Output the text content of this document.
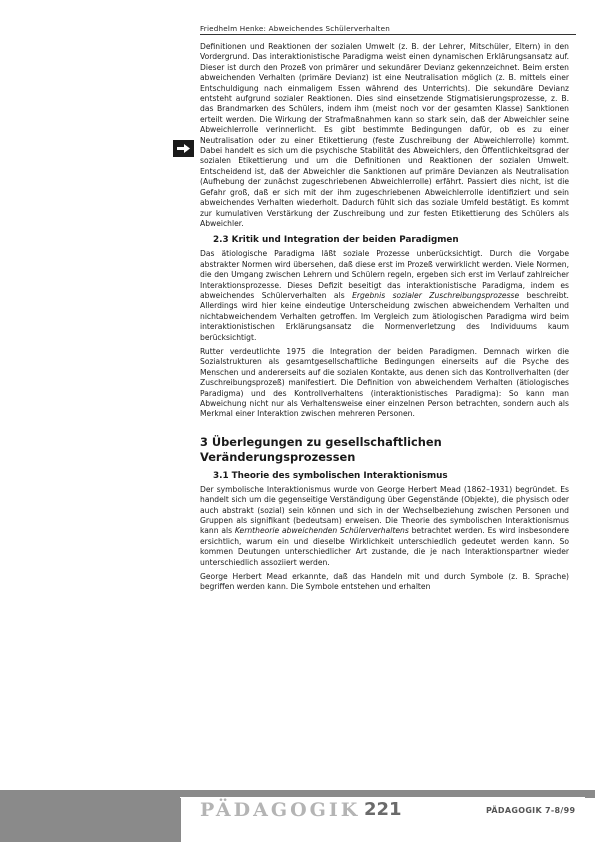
Friedhelm Henke: Abweichendes Schülerverhalten

Definitionen und Reaktionen der sozialen Umwelt (z. B. der Lehrer, Mitschüler, Eltern) in den Vordergrund. Das interaktionistische Paradigma weist einen dynamischen Erklärungsansatz auf. Dieser ist durch den Prozeß von primärer und sekundärer Devianz gekennzeichnet. Beim ersten abweichenden Verhalten (primäre Devianz) ist eine Neutralisation möglich (z. B. mittels einer Entschuldigung nach einmaligem Essen während des Unterrichts). Die sekundäre Devianz entsteht aufgrund sozialer Reaktionen. Dies sind einsetzende Stigmatisierungsprozesse, z. B. das Brandmarken des Schülers, indem ihm (meist noch vor der gesamten Klasse) Sanktionen erteilt werden. Die Wirkung der Strafmaßnahmen kann so stark sein, daß der Abweichler seine Abweichlerrolle verinnerlicht. Es gibt bestimmte Bedingungen dafür, ob es zu einer Neutralisation oder zu einer Etikettierung (feste Zuschreibung der Abweichlerrolle) kommt. Dabei handelt es sich um die psychische Stabilität des Abweichlers, den Öffentlichkeitsgrad der sozialen Etikettierung und um die Definitionen und Reaktionen der sozialen Umwelt. Entscheidend ist, daß der Abweichler die Sanktionen auf primäre Devianzen als Neutralisation (Aufhebung der zunächst zugeschriebenen Abweichlerrolle) erfährt. Passiert dies nicht, ist die Gefahr groß, daß er sich mit der ihm zugeschriebenen Abweichlerrolle identifiziert und sein abweichendes Verhalten wiederholt. Dadurch fühlt sich das soziale Umfeld bestätigt. Es kommt zur kumulativen Verstärkung der Zuschreibung und zur festen Etikettierung des Schülers als Abweichler.

2.3 Kritik und Integration der beiden Paradigmen

Das ätiologische Paradigma läßt soziale Prozesse unberücksichtigt. Durch die Vorgabe abstrakter Normen wird übersehen, daß diese erst im Prozeß verwirklicht werden. Viele Normen, die den Umgang zwischen Lehrern und Schülern regeln, ergeben sich erst im Verlauf zahlreicher Interaktionsprozesse. Dieses Defizit beseitigt das interaktionistische Paradigma, indem es abweichendes Schülerverhalten als Ergebnis sozialer Zuschreibungsprozesse beschreibt. Allerdings wird hier keine eindeutige Unterscheidung zwischen abweichendem Verhalten und nichtabweichendem Verhalten getroffen. Im Vergleich zum ätiologischen Paradigma wird beim interaktionistischen Erklärungsansatz die Normenverletzung des Individuums kaum berücksichtigt.

Rutter verdeutlichte 1975 die Integration der beiden Paradigmen. Demnach wirken die Sozialstrukturen als gesamtgesellschaftliche Bedingungen einerseits auf die Psyche des Menschen und andererseits auf die sozialen Kontakte, aus denen sich das Kontrollverhalten (der Zuschreibungsprozeß) manifestiert. Die Definition von abweichendem Verhalten (ätiologisches Paradigma) und des Kontrollverhaltens (interaktionistisches Paradigma): So kann man Abweichung nicht nur als Verhaltensweise einer einzelnen Person betrachten, sondern auch als Merkmal einer Interaktion zwischen mehreren Personen.

3 Überlegungen zu gesellschaftlichen Veränderungsprozessen
3.1 Theorie des symbolischen Interaktionismus

Der symbolische Interaktionismus wurde von George Herbert Mead (1862–1931) begründet. Es handelt sich um die gegenseitige Verständigung über Gegenstände (Objekte), die physisch oder auch abstrakt (sozial) sein können und sich in der Wechselbeziehung zwischen Personen und Gruppen als signifikant (bedeutsam) erweisen. Die Theorie des symbolischen Interaktionismus kann als Kerntheorie abweichenden Schülerverhaltens betrachtet werden. Es wird insbesondere ersichtlich, warum ein und dieselbe Wirklichkeit unterschiedlich gedeutet werden kann. So kommen Deutungen unterschiedlicher Art zustande, die je nach Interaktionspartner wieder unterschiedlich assoziiert werden.

George Herbert Mead erkannte, daß das Handeln mit und durch Symbole (z. B. Sprache) begriffen werden kann. Die Symbole entstehen und erhalten

PÄDAGOGIK 221	PÄDAGOGIK 7-8/99
